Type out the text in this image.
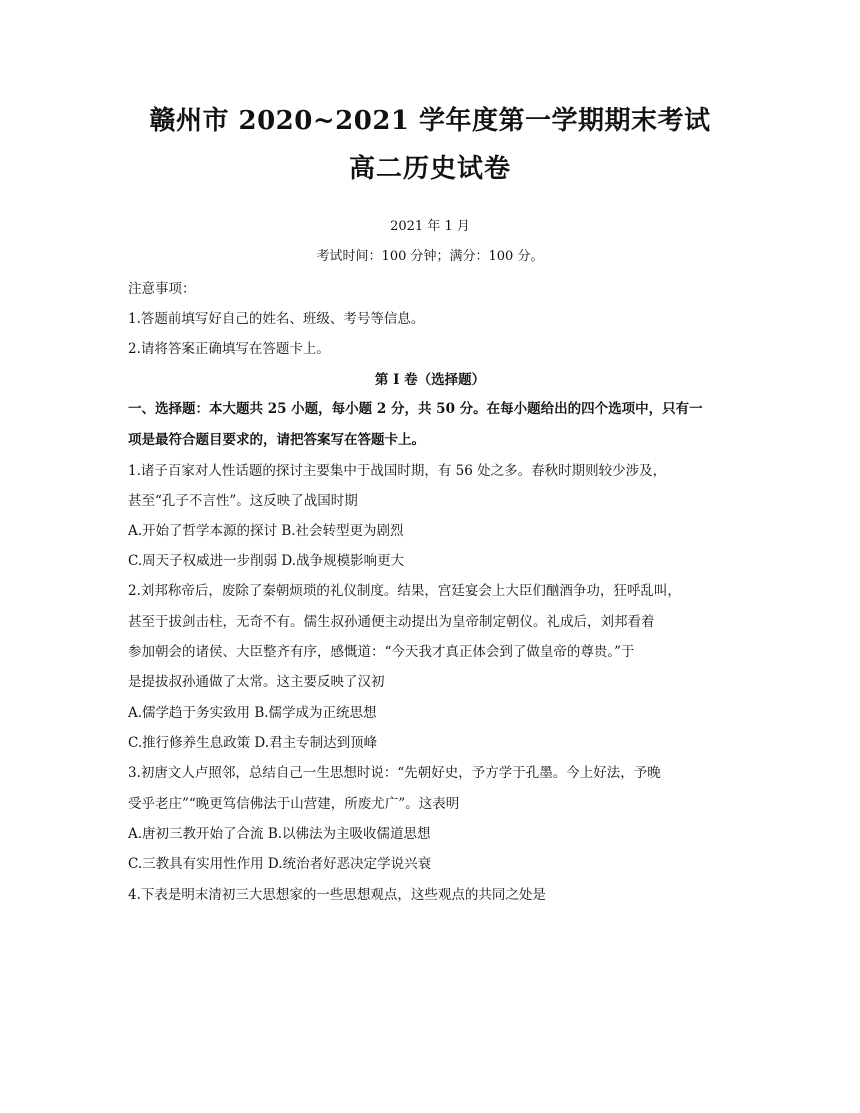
赣州市 2020~2021 学年度第一学期期末考试
高二历史试卷
2021 年 1 月
考试时间：100 分钟；满分：100 分。
注意事项：
1.答题前填写好自己的姓名、班级、考号等信息。
2.请将答案正确填写在答题卡上。
第 I 卷（选择题）
一、选择题：本大题共 25 小题，每小题 2 分，共 50 分。在每小题给出的四个选项中，只有一
项是最符合题目要求的，请把答案写在答题卡上。
1.诸子百家对人性话题的探讨主要集中于战国时期，有 56 处之多。春秋时期则较少涉及，
甚至“孔子不言性”。这反映了战国时期
A.开始了哲学本源的探讨 B.社会转型更为剧烈
C.周天子权威进一步削弱 D.战争规模影响更大
2.刘邦称帝后，废除了秦朝烦琐的礼仪制度。结果，宫廷宴会上大臣们酗酒争功，狂呼乱叫，
甚至于拔剑击柱，无奇不有。儒生叔孙通便主动提出为皇帝制定朝仪。礼成后，刘邦看着
参加朝会的诸侯、大臣整齐有序，感慨道：“今天我才真正体会到了做皇帝的尊贵。”于
是提拔叔孙通做了太常。这主要反映了汉初
A.儒学趋于务实致用 B.儒学成为正统思想
C.推行修养生息政策 D.君主专制达到顶峰
3.初唐文人卢照邻，总结自己一生思想时说：“先朝好史，予方学于孔墨。今上好法，予晚
受乎老庄”“晚更笃信佛法于山营建，所废尤广”。这表明
A.唐初三教开始了合流 B.以佛法为主吸收儒道思想
C.三教具有实用性作用 D.统治者好恶决定学说兴衰
4.下表是明末清初三大思想家的一些思想观点，这些观点的共同之处是
